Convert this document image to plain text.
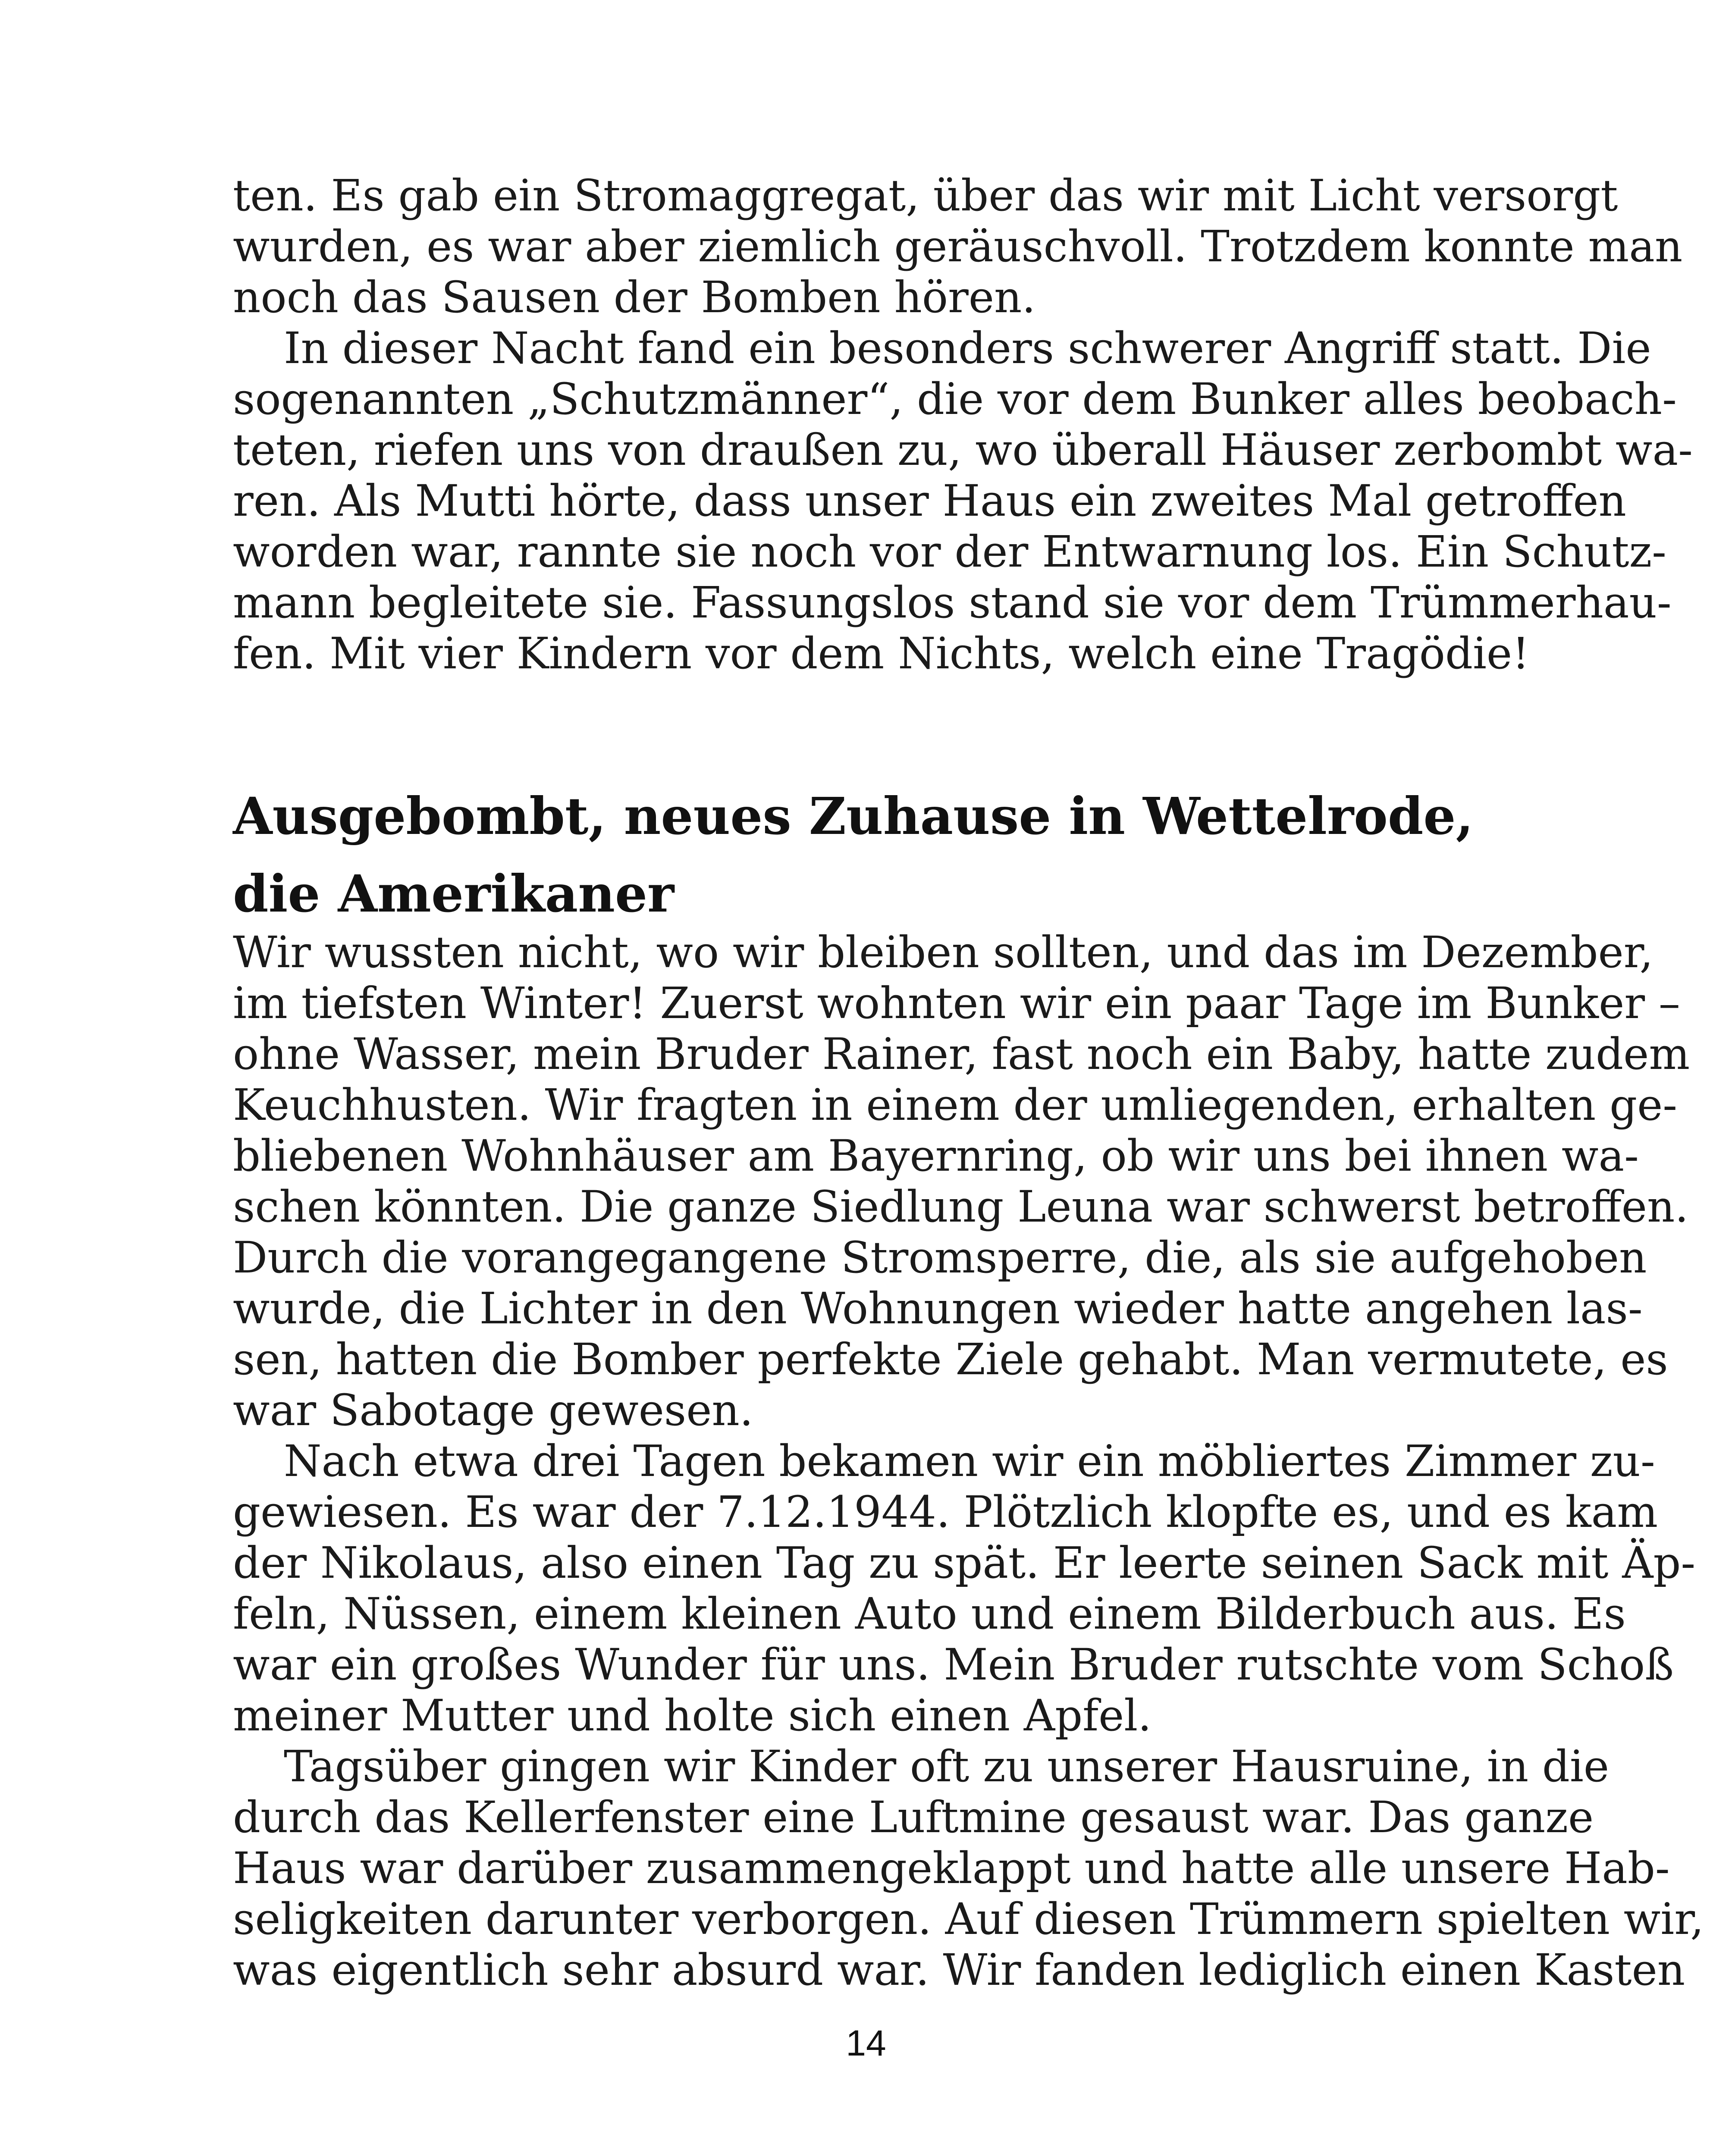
ten. Es gab ein Stromaggregat, über das wir mit Licht versorgt
wurden, es war aber ziemlich geräuschvoll. Trotzdem konnte man
noch das Sausen der Bomben hören.
In dieser Nacht fand ein besonders schwerer Angriff statt. Die
sogenannten „Schutzmänner“, die vor dem Bunker alles beobach-
teten, riefen uns von draußen zu, wo überall Häuser zerbombt wa-
ren. Als Mutti hörte, dass unser Haus ein zweites Mal getroffen
worden war, rannte sie noch vor der Entwarnung los. Ein Schutz-
mann begleitete sie. Fassungslos stand sie vor dem Trümmerhau-
fen. Mit vier Kindern vor dem Nichts, welch eine Tragödie!
Ausgebombt, neues Zuhause in Wettelrode,
die Amerikaner
Wir wussten nicht, wo wir bleiben sollten, und das im Dezember,
im tiefsten Winter! Zuerst wohnten wir ein paar Tage im Bunker –
ohne Wasser, mein Bruder Rainer, fast noch ein Baby, hatte zudem
Keuchhusten. Wir fragten in einem der umliegenden, erhalten ge-
bliebenen Wohnhäuser am Bayernring, ob wir uns bei ihnen wa-
schen könnten. Die ganze Siedlung Leuna war schwerst betroffen.
Durch die vorangegangene Stromsperre, die, als sie aufgehoben
wurde, die Lichter in den Wohnungen wieder hatte angehen las-
sen, hatten die Bomber perfekte Ziele gehabt. Man vermutete, es
war Sabotage gewesen.
Nach etwa drei Tagen bekamen wir ein möbliertes Zimmer zu-
gewiesen. Es war der 7.12.1944. Plötzlich klopfte es, und es kam
der Nikolaus, also einen Tag zu spät. Er leerte seinen Sack mit Äp-
feln, Nüssen, einem kleinen Auto und einem Bilderbuch aus. Es
war ein großes Wunder für uns. Mein Bruder rutschte vom Schoß
meiner Mutter und holte sich einen Apfel.
Tagsüber gingen wir Kinder oft zu unserer Hausruine, in die
durch das Kellerfenster eine Luftmine gesaust war. Das ganze
Haus war darüber zusammengeklappt und hatte alle unsere Hab-
seligkeiten darunter verborgen. Auf diesen Trümmern spielten wir,
was eigentlich sehr absurd war. Wir fanden lediglich einen Kasten
14
